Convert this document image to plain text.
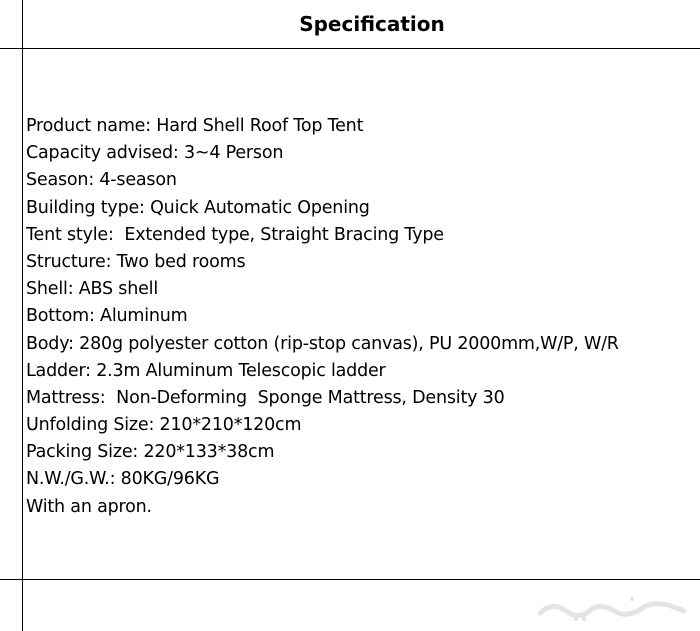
Specification
Product name: Hard Shell Roof Top Tent
Capacity advised: 3~4 Person
Season: 4-season
Building type: Quick Automatic Opening
Tent style:  Extended type, Straight Bracing Type
Structure: Two bed rooms
Shell: ABS shell
Bottom: Aluminum
Body: 280g polyester cotton (rip-stop canvas), PU 2000mm,W/P, W/R
Ladder: 2.3m Aluminum Telescopic ladder
Mattress:  Non-Deforming  Sponge Mattress, Density 30
Unfolding Size: 210*210*120cm
Packing Size: 220*133*38cm
N.W./G.W.: 80KG/96KG
With an apron.
